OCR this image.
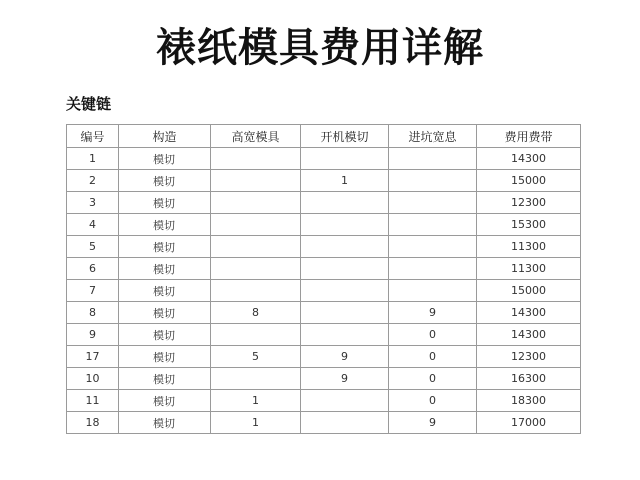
裱纸模具费用详解
关键链
编号	构造	高宽模具	开机模切	进坑宽息	费用费带
1	模切				14300
2	模切		1		15000
3	模切				12300
4	模切				15300
5	模切				11300
6	模切				11300
7	模切				15000
8	模切	8		9	14300
9	模切			0	14300
17	模切	5	9	0	12300
10	模切		9	0	16300
11	模切	1		0	18300
18	模切	1		9	17000
